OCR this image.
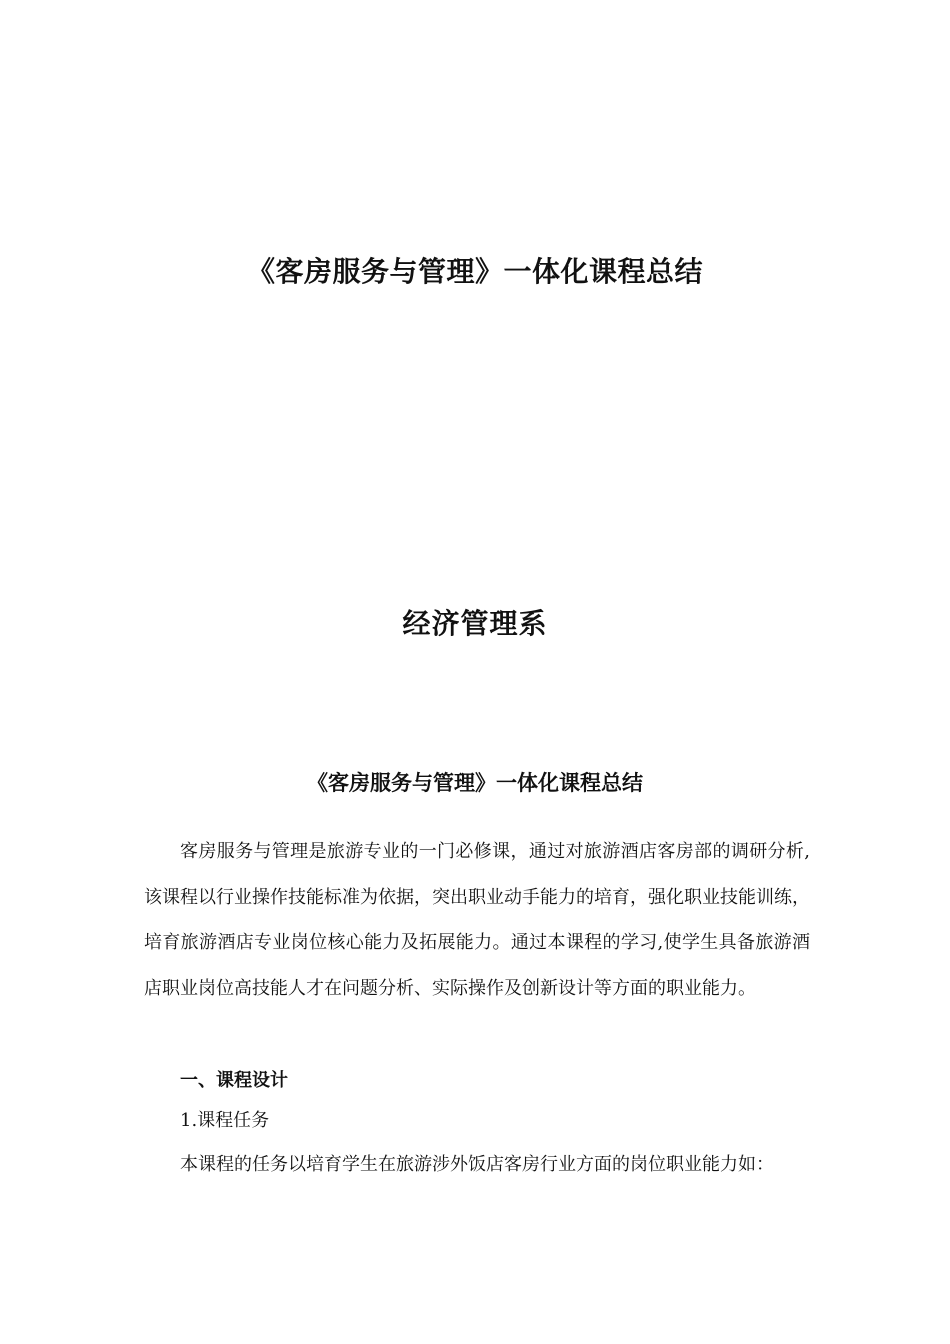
《客房服务与管理》一体化课程总结
经济管理系
《客房服务与管理》一体化课程总结

客房服务与管理是旅游专业的一门必修课，通过对旅游酒店客房部的调研分析,该课程以行业操作技能标准为依据，突出职业动手能力的培育，强化职业技能训练，培育旅游酒店专业岗位核心能力及拓展能力。通过本课程的学习,使学生具备旅游酒店职业岗位高技能人才在问题分析、实际操作及创新设计等方面的职业能力。

一、课程设计

1.课程任务

本课程的任务以培育学生在旅游涉外饭店客房行业方面的岗位职业能力如：
